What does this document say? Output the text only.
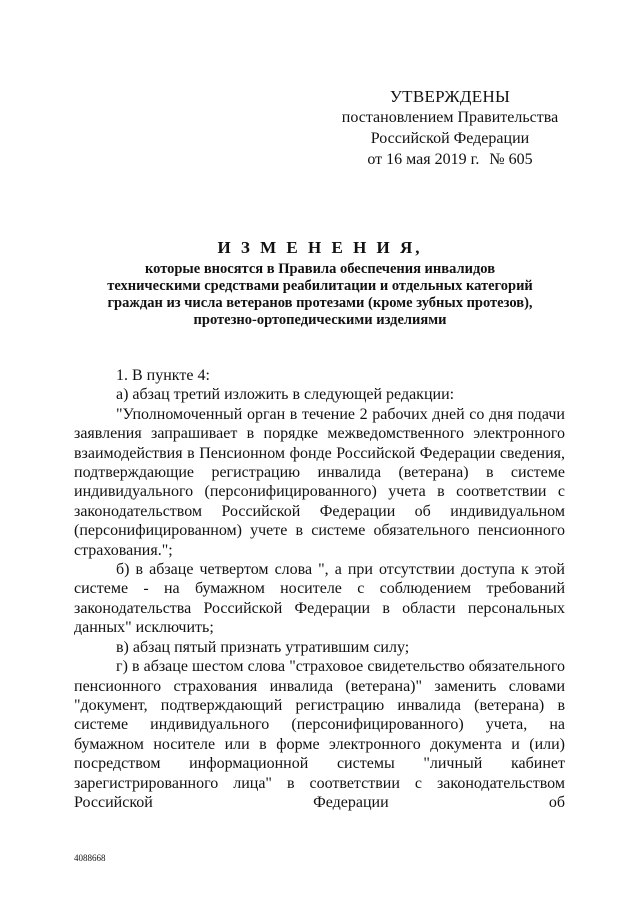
УТВЕРЖДЕНЫ
постановлением Правительства
Российской Федерации
от 16 мая 2019 г. № 605
И З М Е Н Е Н И Я,
которые вносятся в Правила обеспечения инвалидов
техническими средствами реабилитации и отдельных категорий
граждан из числа ветеранов протезами (кроме зубных протезов),
протезно-ортопедическими изделиями
1. В пункте 4:
а) абзац третий изложить в следующей редакции:
"Уполномоченный орган в течение 2 рабочих дней со дня подачи заявления запрашивает в порядке межведомственного электронного взаимодействия в Пенсионном фонде Российской Федерации сведения, подтверждающие регистрацию инвалида (ветерана) в системе индивидуального (персонифицированного) учета в соответствии с законодательством Российской Федерации об индивидуальном (персонифицированном) учете в системе обязательного пенсионного страхования.";
б) в абзаце четвертом слова ", а при отсутствии доступа к этой системе - на бумажном носителе с соблюдением требований законодательства Российской Федерации в области персональных данных" исключить;
в) абзац пятый признать утратившим силу;
г) в абзаце шестом слова "страховое свидетельство обязательного пенсионного страхования инвалида (ветерана)" заменить словами "документ, подтверждающий регистрацию инвалида (ветерана) в системе индивидуального (персонифицированного) учета, на бумажном носителе или в форме электронного документа и (или) посредством информационной системы "личный кабинет зарегистрированного лица" в соответствии с законодательством Российской Федерации об
4088668
